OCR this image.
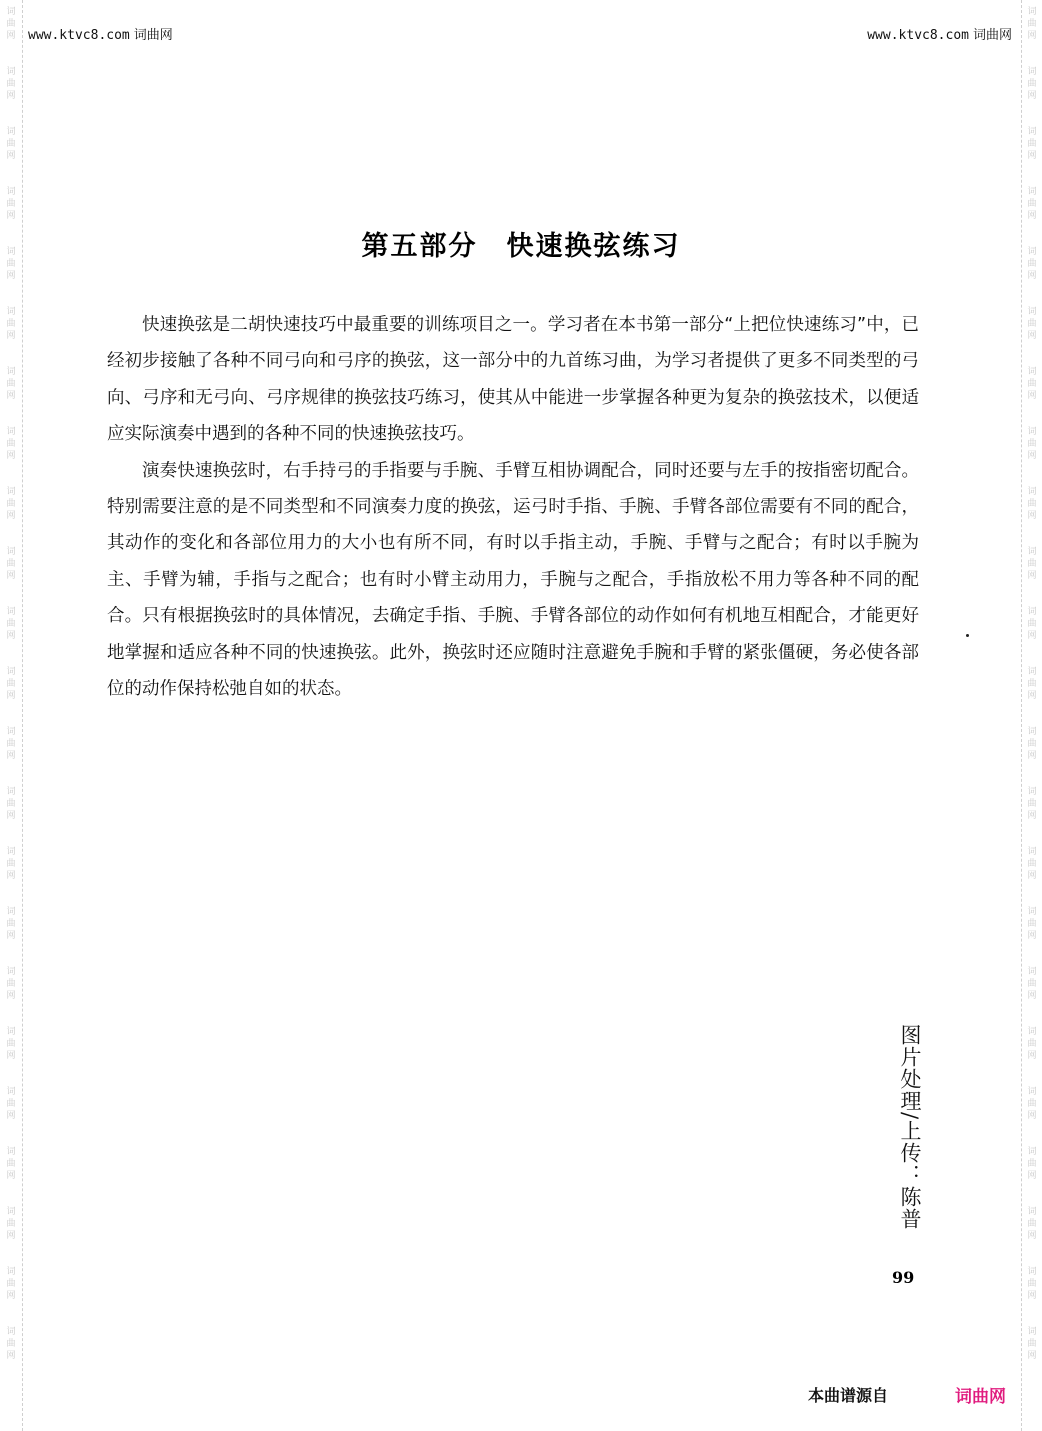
词
曲
网
词
曲
网
词
曲
网
词
曲
网
词
曲
网
词
曲
网
词
曲
网
词
曲
网
词
曲
网
词
曲
网
词
曲
网
词
曲
网
词
曲
网
词
曲
网
词
曲
网
词
曲
网
词
曲
网
词
曲
网
词
曲
网
词
曲
网
词
曲
网
词
曲
网
词
曲
网
词
曲
网
词
曲
网
词
曲
网
词
曲
网
词
曲
网
词
曲
网
词
曲
网
词
曲
网
词
曲
网
词
曲
网
词
曲
网
词
曲
网
词
曲
网
词
曲
网
词
曲
网
词
曲
网
词
曲
网
词
曲
网
词
曲
网
词
曲
网
词
曲
网
词
曲
网
词
曲
网
www.ktvc8.com 词曲网	www.ktvc8.com 词曲网
第五部分　快速换弦练习

快速换弦是二胡快速技巧中最重要的训练项目之一。学习者在本书第一部分“上把位快速练习”中，已经初步接触了各种不同弓向和弓序的换弦，这一部分中的九首练习曲，为学习者提供了更多不同类型的弓向、弓序和无弓向、弓序规律的换弦技巧练习，使其从中能进一步掌握各种更为复杂的换弦技术，以便适应实际演奏中遇到的各种不同的快速换弦技巧。

演奏快速换弦时，右手持弓的手指要与手腕、手臂互相协调配合，同时还要与左手的按指密切配合。特别需要注意的是不同类型和不同演奏力度的换弦，运弓时手指、手腕、手臂各部位需要有不同的配合，其动作的变化和各部位用力的大小也有所不同，有时以手指主动，手腕、手臂与之配合；有时以手腕为主、手臂为辅，手指与之配合；也有时小臂主动用力，手腕与之配合，手指放松不用力等各种不同的配合。只有根据换弦时的具体情况，去确定手指、手腕、手臂各部位的动作如何有机地互相配合，才能更好地掌握和适应各种不同的快速换弦。此外，换弦时还应随时注意避免手腕和手臂的紧张僵硬，务必使各部位的动作保持松弛自如的状态。

图片处理/上传：陈普
99
本曲谱源自	词曲网
